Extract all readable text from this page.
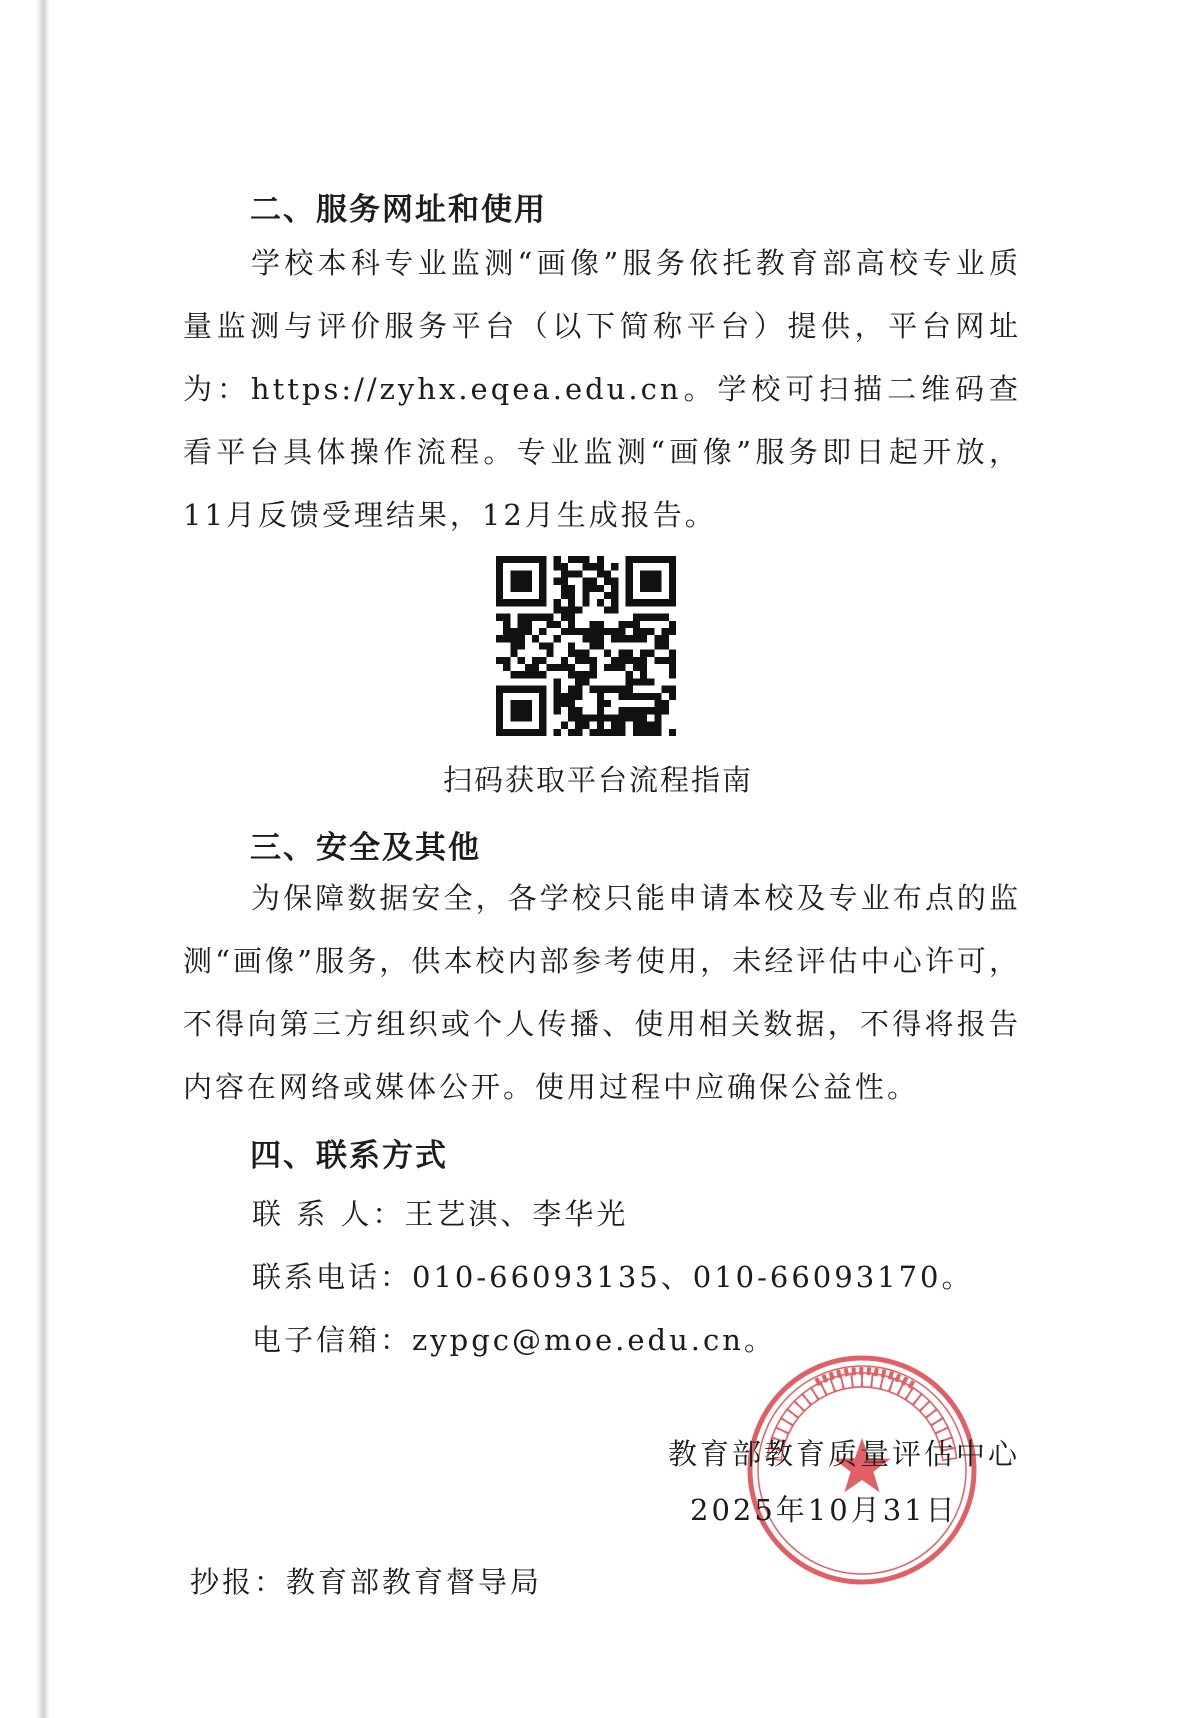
二、服务网址和使用

学校本科专业监测“画像”服务依托教育部高校专业质量监测与评价服务平台（以下简称平台）提供，平台网址为：https://zyhx.eqea.edu.cn。学校可扫描二维码查看平台具体操作流程。专业监测“画像”服务即日起开放，11月反馈受理结果，12月生成报告。

扫码获取平台流程指南
三、安全及其他

为保障数据安全，各学校只能申请本校及专业布点的监测“画像”服务，供本校内部参考使用，未经评估中心许可，不得向第三方组织或个人传播、使用相关数据，不得将报告内容在网络或媒体公开。使用过程中应确保公益性。

四、联系方式
联 系 人：王艺淇、李华光
联系电话：010-66093135、010-66093170。
电子信箱：zypgc@moe.edu.cn。
教育部教育质量评估中心
2025年10月31日
抄报：教育部教育督导局
